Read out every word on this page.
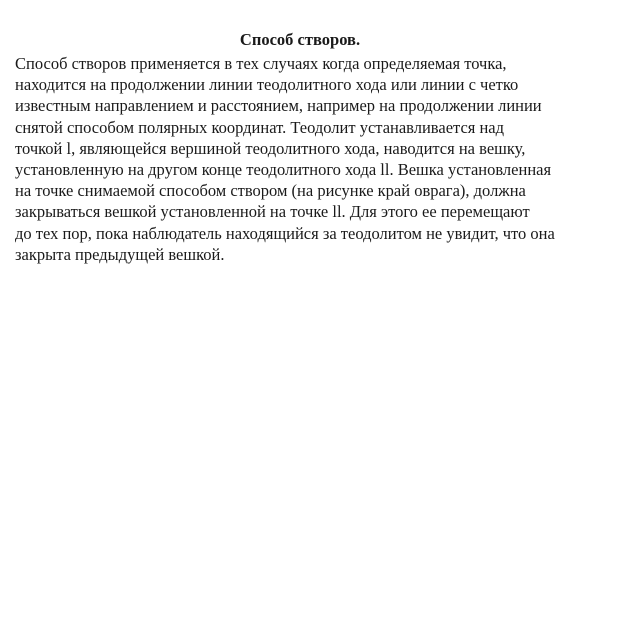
Способ створов.
Способ створов применяется в тех случаях когда определяемая точка,
находится на продолжении линии теодолитного хода или линии с четко
известным направлением и расстоянием, например на продолжении линии
снятой способом полярных координат. Теодолит устанавливается над
точкой l, являющейся вершиной теодолитного хода, наводится на вешку,
установленную на другом конце теодолитного хода ll. Вешка установленная
на точке снимаемой способом створом (на рисунке край оврага), должна
закрываться вешкой установленной на точке ll. Для этого ее перемещают
до тех пор, пока наблюдатель находящийся за теодолитом не увидит, что она
закрыта предыдущей вешкой.
